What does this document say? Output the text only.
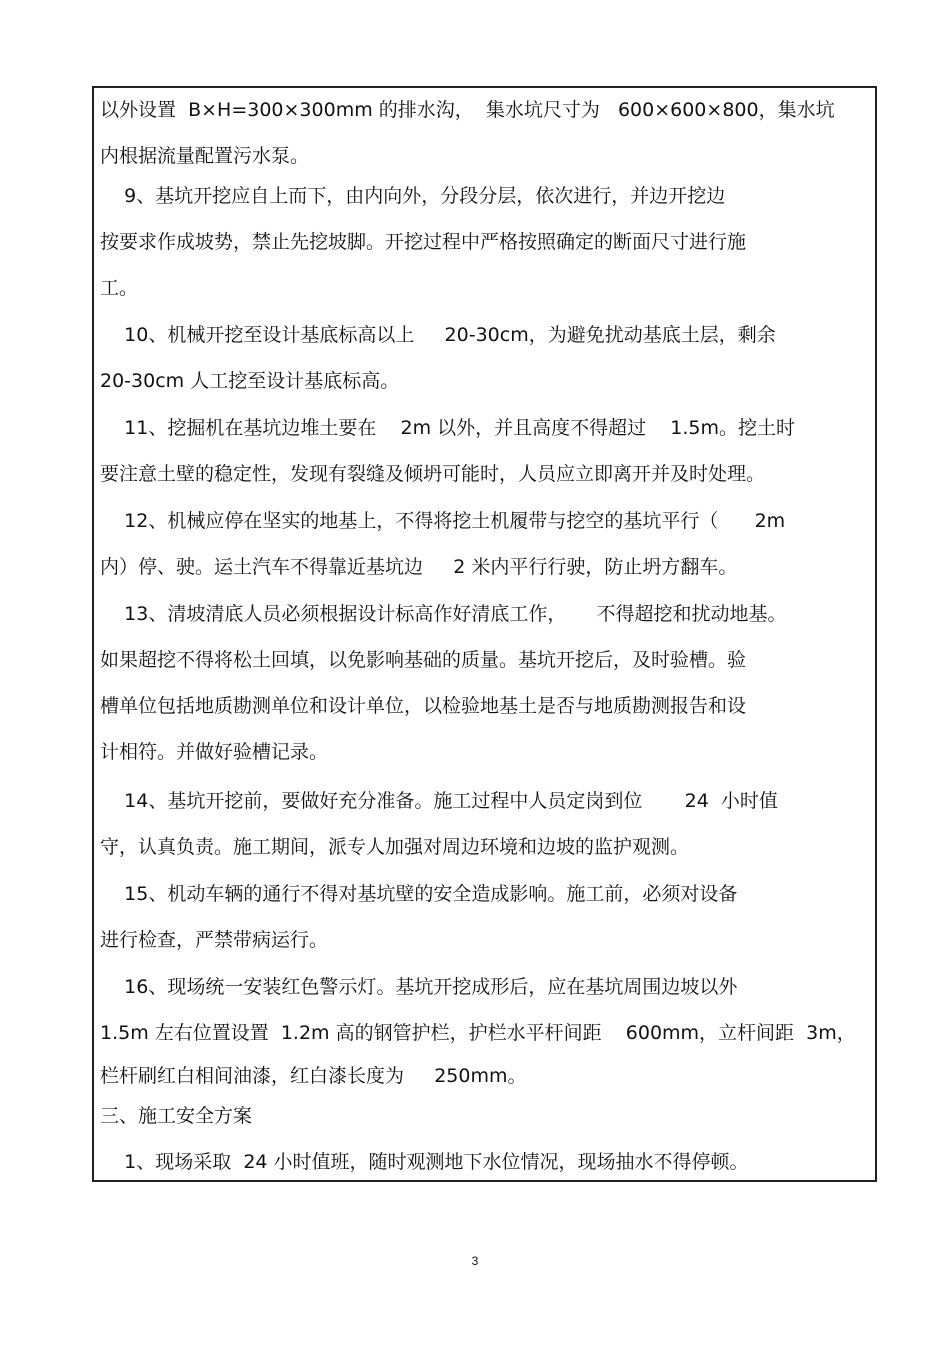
以外设置  B×H=300×300mm 的排水沟，  集水坑尺寸为   600×600×800，集水坑
内根据流量配置污水泵。
9、基坑开挖应自上而下，由内向外，分段分层，依次进行，并边开挖边
按要求作成坡势，禁止先挖坡脚。开挖过程中严格按照确定的断面尺寸进行施
工。
10、机械开挖至设计基底标高以上     20-30cm，为避免扰动基底土层，剩余
20-30cm 人工挖至设计基底标高。
11、挖掘机在基坑边堆土要在    2m 以外，并且高度不得超过    1.5m。挖土时
要注意土壁的稳定性，发现有裂缝及倾坍可能时，人员应立即离开并及时处理。
12、机械应停在坚实的地基上，不得将挖土机履带与挖空的基坑平行（      2m
内）停、驶。运土汽车不得靠近基坑边     2 米内平行行驶，防止坍方翻车。
13、清坡清底人员必须根据设计标高作好清底工作，     不得超挖和扰动地基。
如果超挖不得将松土回填，以免影响基础的质量。基坑开挖后，及时验槽。验
槽单位包括地质勘测单位和设计单位，以检验地基土是否与地质勘测报告和设
计相符。并做好验槽记录。
14、基坑开挖前，要做好充分准备。施工过程中人员定岗到位       24  小时值
守，认真负责。施工期间，派专人加强对周边环境和边坡的监护观测。
15、机动车辆的通行不得对基坑壁的安全造成影响。施工前，必须对设备
进行检查，严禁带病运行。
16、现场统一安装红色警示灯。基坑开挖成形后，应在基坑周围边坡以外
1.5m 左右位置设置  1.2m 高的钢管护栏，护栏水平杆间距    600mm，立杆间距  3m，
栏杆刷红白相间油漆，红白漆长度为     250mm。
三、施工安全方案
1、现场采取  24 小时值班，随时观测地下水位情况，现场抽水不得停顿。
3
